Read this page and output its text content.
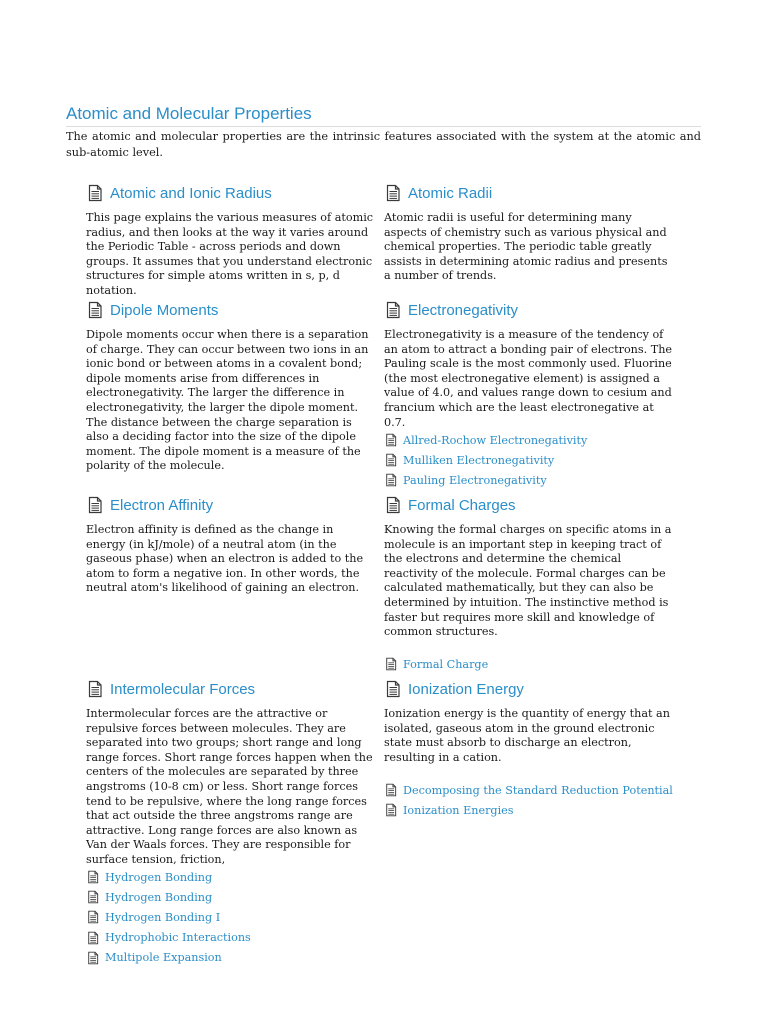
Atomic and Molecular Properties

The atomic and molecular properties are the intrinsic features associated with the system at the atomic and sub-atomic level.

Atomic and Ionic Radius

This page explains the various measures of atomic radius, and then looks at the way it varies around the Periodic Table - across periods and down groups. It assumes that you understand electronic structures for simple atoms written in s, p, d notation.

Atomic Radii

Atomic radii is useful for determining many aspects of chemistry such as various physical and chemical properties. The periodic table greatly assists in determining atomic radius and presents a number of trends.

Dipole Moments

Dipole moments occur when there is a separation of charge. They can occur between two ions in an ionic bond or between atoms in a covalent bond; dipole moments arise from differences in electronegativity. The larger the difference in electronegativity, the larger the dipole moment. The distance between the charge separation is also a deciding factor into the size of the dipole moment. The dipole moment is a measure of the polarity of the molecule.

Electronegativity

Electronegativity is a measure of the tendency of an atom to attract a bonding pair of electrons. The Pauling scale is the most commonly used. Fluorine (the most electronegative element) is assigned a value of 4.0, and values range down to cesium and francium which are the least electronegative at 0.7.

Allred-Rochow Electronegativity
Mulliken Electronegativity
Pauling Electronegativity
Electron Affinity

Electron affinity is defined as the change in energy (in kJ/mole) of a neutral atom (in the gaseous phase) when an electron is added to the atom to form a negative ion. In other words, the neutral atom's likelihood of gaining an electron.

Formal Charges

Knowing the formal charges on specific atoms in a molecule is an important step in keeping tract of the electrons and determine the chemical reactivity of the molecule. Formal charges can be calculated mathematically, but they can also be determined by intuition. The instinctive method is faster but requires more skill and knowledge of common structures.

Formal Charge
Intermolecular Forces

Intermolecular forces are the attractive or repulsive forces between molecules. They are separated into two groups; short range and long range forces. Short range forces happen when the centers of the molecules are separated by three angstroms (10-8 cm) or less. Short range forces tend to be repulsive, where the long range forces that act outside the three angstroms range are attractive. Long range forces are also known as Van der Waals forces. They are responsible for surface tension, friction,

Hydrogen Bonding
Hydrogen Bonding
Hydrogen Bonding I
Hydrophobic Interactions
Multipole Expansion
Ionization Energy

Ionization energy is the quantity of energy that an isolated, gaseous atom in the ground electronic state must absorb to discharge an electron, resulting in a cation.

Decomposing the Standard Reduction Potential
Ionization Energies
